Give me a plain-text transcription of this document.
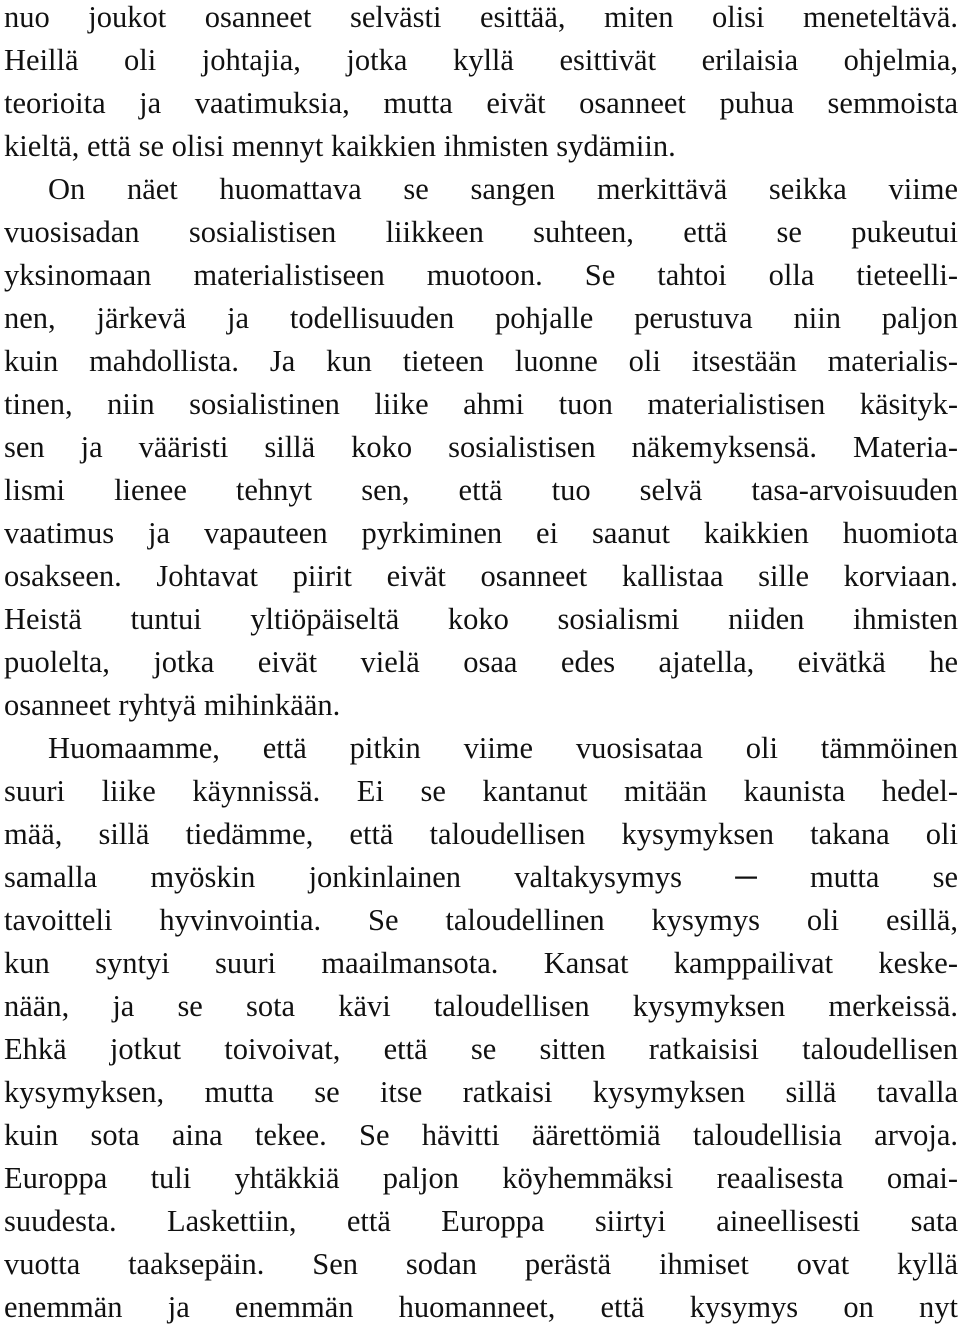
nuo joukot osanneet selvästi esittää, miten olisi meneteltävä.
Heillä oli johtajia, jotka kyllä esittivät erilaisia ohjelmia,
teorioita ja vaatimuksia, mutta eivät osanneet puhua semmoista
kieltä, että se olisi mennyt kaikkien ihmisten sydämiin.
On näet huomattava se sangen merkittävä seikka viime
vuosisadan sosialistisen liikkeen suhteen, että se pukeutui
yksinomaan materialistiseen muotoon. Se tahtoi olla tieteelli-
nen, järkevä ja todellisuuden pohjalle perustuva niin paljon
kuin mahdollista. Ja kun tieteen luonne oli itsestään materialis-
tinen, niin sosialistinen liike ahmi tuon materialistisen käsityk-
sen ja vääristi sillä koko sosialistisen näkemyksensä. Materia-
lismi lienee tehnyt sen, että tuo selvä tasa-arvoisuuden
vaatimus ja vapauteen pyrkiminen ei saanut kaikkien huomiota
osakseen. Johtavat piirit eivät osanneet kallistaa sille korviaan.
Heistä tuntui yltiöpäiseltä koko sosialismi niiden ihmisten
puolelta, jotka eivät vielä osaa edes ajatella, eivätkä he
osanneet ryhtyä mihinkään.
Huomaamme, että pitkin viime vuosisataa oli tämmöinen
suuri liike käynnissä. Ei se kantanut mitään kaunista hedel-
mää, sillä tiedämme, että taloudellisen kysymyksen takana oli
samalla myöskin jonkinlainen valtakysymys ─ mutta se
tavoitteli hyvinvointia. Se taloudellinen kysymys oli esillä,
kun syntyi suuri maailmansota. Kansat kamppailivat keske-
nään, ja se sota kävi taloudellisen kysymyksen merkeissä.
Ehkä jotkut toivoivat, että se sitten ratkaisisi taloudellisen
kysymyksen, mutta se itse ratkaisi kysymyksen sillä tavalla
kuin sota aina tekee. Se hävitti äärettömiä taloudellisia arvoja.
Europpa tuli yhtäkkiä paljon köyhemmäksi reaalisesta omai-
suudesta. Laskettiin, että Europpa siirtyi aineellisesti sata
vuotta taaksepäin. Sen sodan perästä ihmiset ovat kyllä
enemmän ja enemmän huomanneet, että kysymys on nyt
